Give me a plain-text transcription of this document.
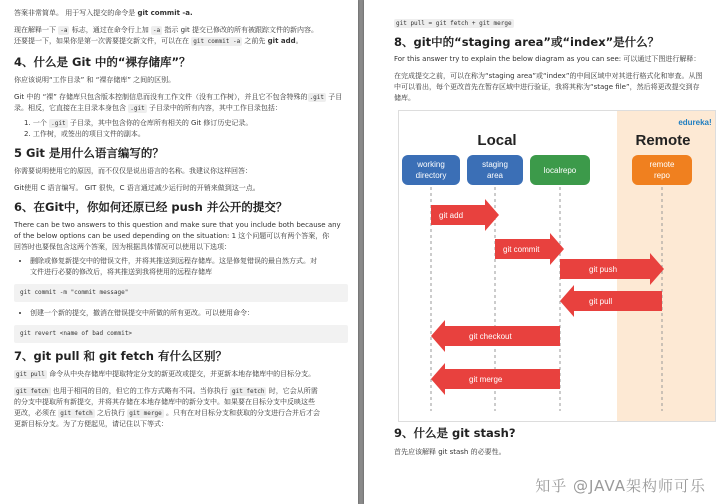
答案非常简单。 用于写入提交的命令是 git commit -a.

现在解释一下 -a 标志，通过在命令行上加 -a 指示 git 提交已修改的所有被跟踪文件的新内容。

还要提一下，如果你是第一次需要提交新文件，可以在在 git commit -a 之前先 git add。

4、什么是 Git 中的“裸存储库”？

你应该说明“工作目录” 和 “裸存储库” 之间的区别。

Git 中的 “裸” 存储库只包含版本控制信息而没有工作文件（没有工作树），并且它不包含特殊的 .git 子目录。相反，它直接在主目录本身包含 .git 子目录中的所有内容，其中工作目录包括：

1. 一个 .git 子目录，其中包含你的仓库所有相关的 Git 修订历史记录。

2. 工作树，或签出的项目文件的副本。

5 Git 是用什么语言编写的？

你需要说明使用它的原因，而不仅仅是说出语言的名称。我建议你这样回答：

Git使用 C 语言编写。 GIT 很快，C 语言通过减少运行时的开销来做到这一点。

6、在Git中，你如何还原已经 push 并公开的提交？

There can be two answers to this question and make sure that you include both because any

of the below options can be used depending on the situation: 1 这个问题可以有两个答案，你

回答时也要保包含这两个答案，因为根据具体情况可以使用以下选项：

• 删除或修复新提交中的错误文件，并将其推送到远程存储库。这是修复错误的最自然方式。对
文件进行必要的修改后，将其推送到我将使用的远程存储库
git commit -m "commit message"
• 创建一个新的提交，撤消在错误提交中所做的所有更改。可以使用命令：
git revert <name of bad commit>
7、git pull 和 git fetch 有什么区别？

git pull 命令从中央存储库中提取特定分支的新更改或提交，并更新本地存储库中的目标分支。

git fetch 也用于相同的目的，但它的工作方式略有不同。当你执行 git fetch 时，它会从所需

的分支中提取所有新提交，并将其存储在本地存储库中的新分支中。如果要在目标分支中反映这些

更改，必须在 git fetch 之后执行 git merge 。只有在对目标分支和获取的分支进行合并后才会

更新目标分支。为了方便起见，请记住以下等式：

git pull = git fetch + git merge
8、git中的“staging area”或“index”是什么？

For this answer try to explain the below diagram as you can see: 可以通过下图进行解释：

在完成提交之前，可以在称为“staging area”或“index”的中间区域中对其进行格式化和审查。从图

中可以看出，每个更改首先在暂存区域中进行验证，我将其称为“stage file”，然后将更改提交到存

储库。

edureka!
Local	Remote
working
directory
staging
area
localrepo
remote
repo
git add
git commit
git push
git pull
git checkout
git merge
9、什么是 git stash?

首先应该解释 git stash 的必要性。

知乎 @JAVA架构师可乐
